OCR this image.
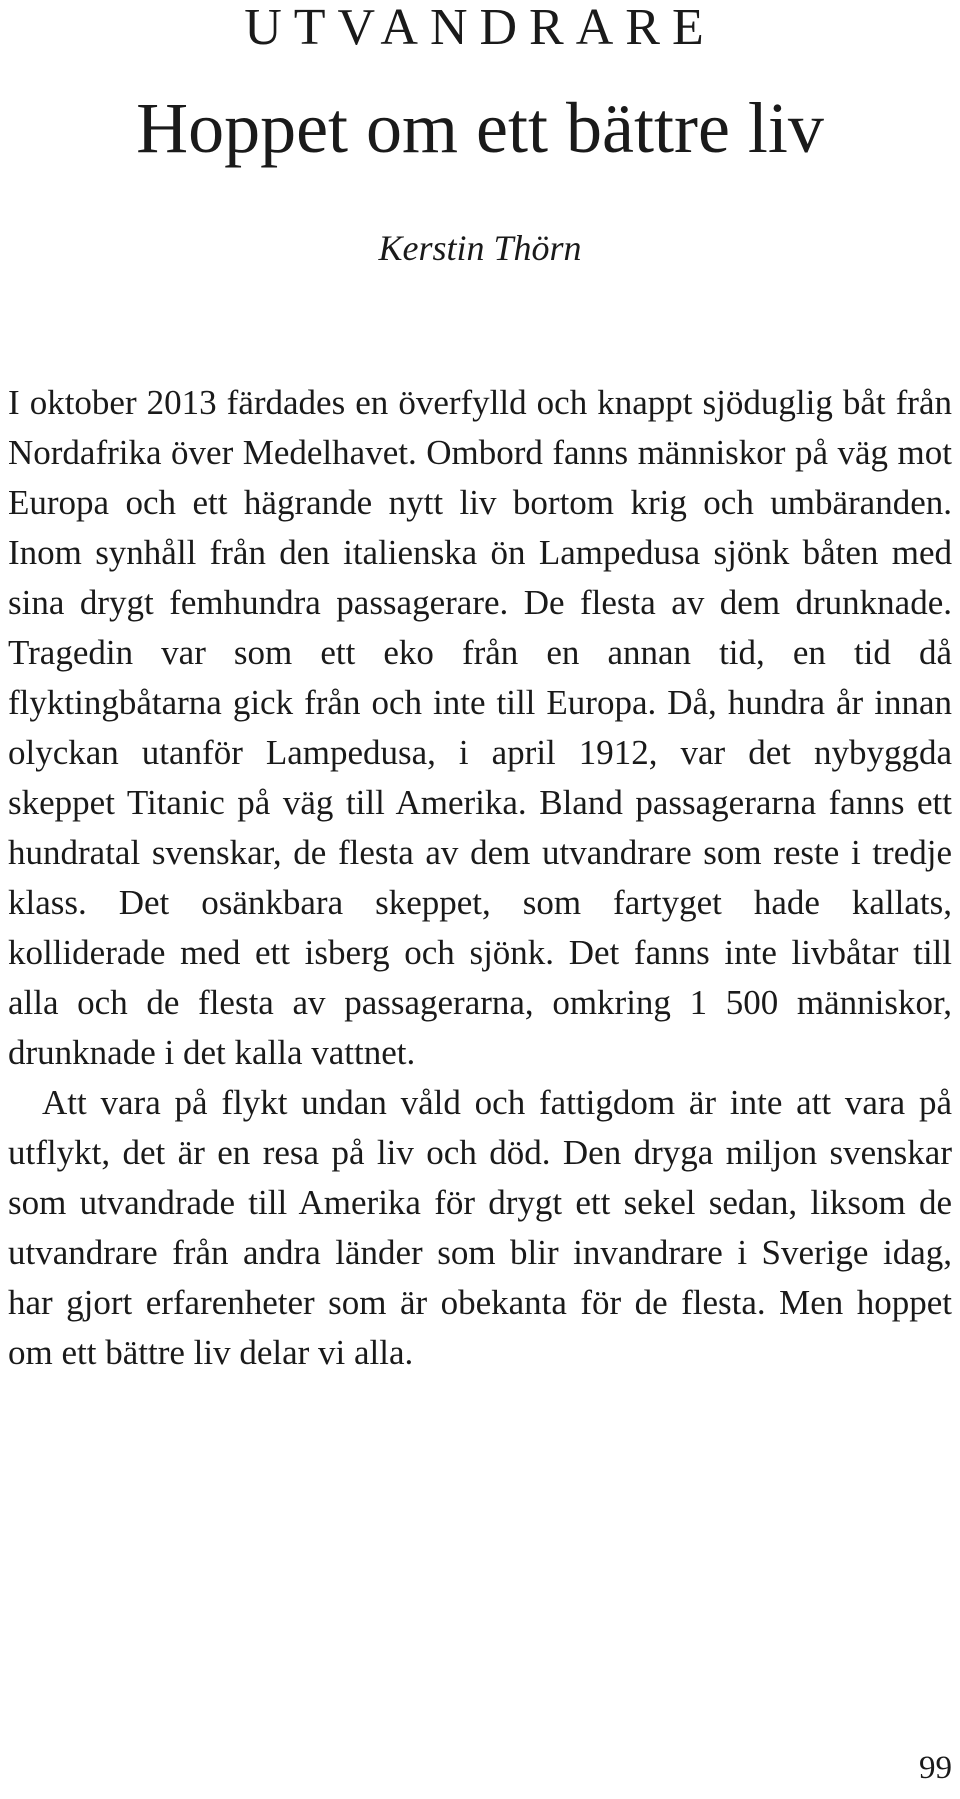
UTVANDRARE
Hoppet om ett bättre liv
Kerstin Thörn

I oktober 2013 färdades en överfylld och knappt sjöduglig båt från Nordafrika över Medelhavet. Ombord fanns människor på väg mot Europa och ett hägrande nytt liv bortom krig och umbäranden. Inom synhåll från den italienska ön Lampedusa sjönk båten med sina drygt femhundra passagerare. De flesta av dem drunknade. Tragedin var som ett eko från en annan tid, en tid då flyktingbåtarna gick från och inte till Europa. Då, hundra år innan olyckan utanför Lampedusa, i april 1912, var det nybyggda skeppet Titanic på väg till Amerika. Bland passagerarna fanns ett hundratal svenskar, de flesta av dem utvandrare som reste i tredje klass. Det osänkbara skeppet, som fartyget hade kallats, kolliderade med ett isberg och sjönk. Det fanns inte livbåtar till alla och de flesta av passagerarna, omkring 1 500 människor, drunknade i det kalla vattnet.

Att vara på flykt undan våld och fattigdom är inte att vara på utflykt, det är en resa på liv och död. Den dryga miljon svenskar som utvandrade till Amerika för drygt ett sekel sedan, liksom de utvandrare från andra länder som blir invandrare i Sverige idag, har gjort erfarenheter som är obekanta för de flesta. Men hoppet om ett bättre liv delar vi alla.

99
